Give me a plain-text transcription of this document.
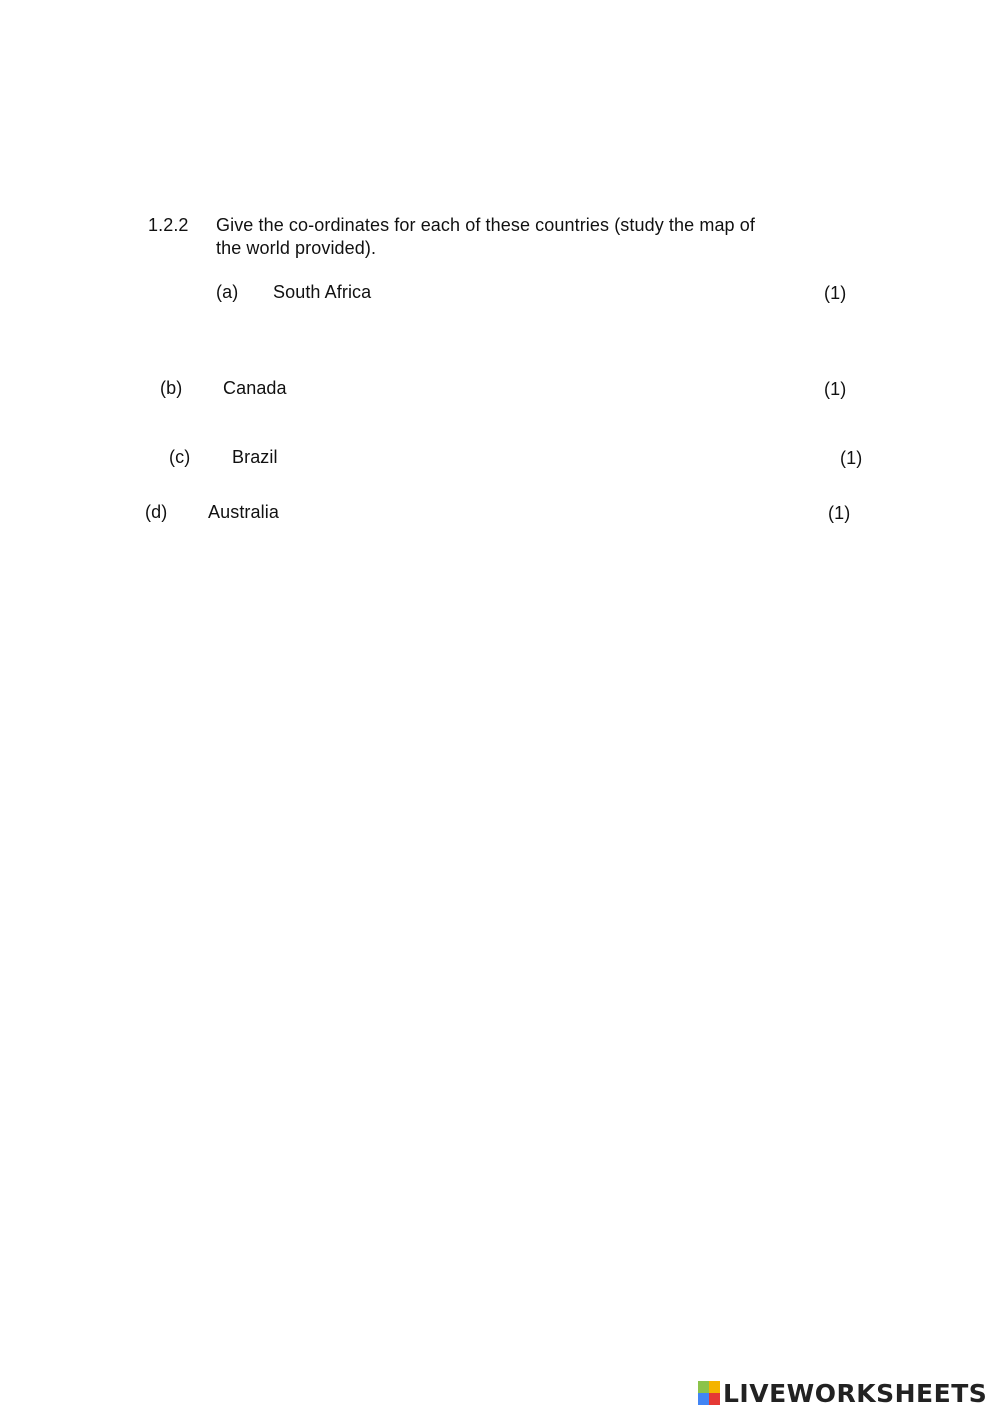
1.2.2 Give the co-ordinates for each of these countries (study the map of
the world provided).
(a) South Africa	(1)
(b) Canada	(1)
(c) Brazil	(1)
(d) Australia	(1)
LIVEWORKSHEETS
